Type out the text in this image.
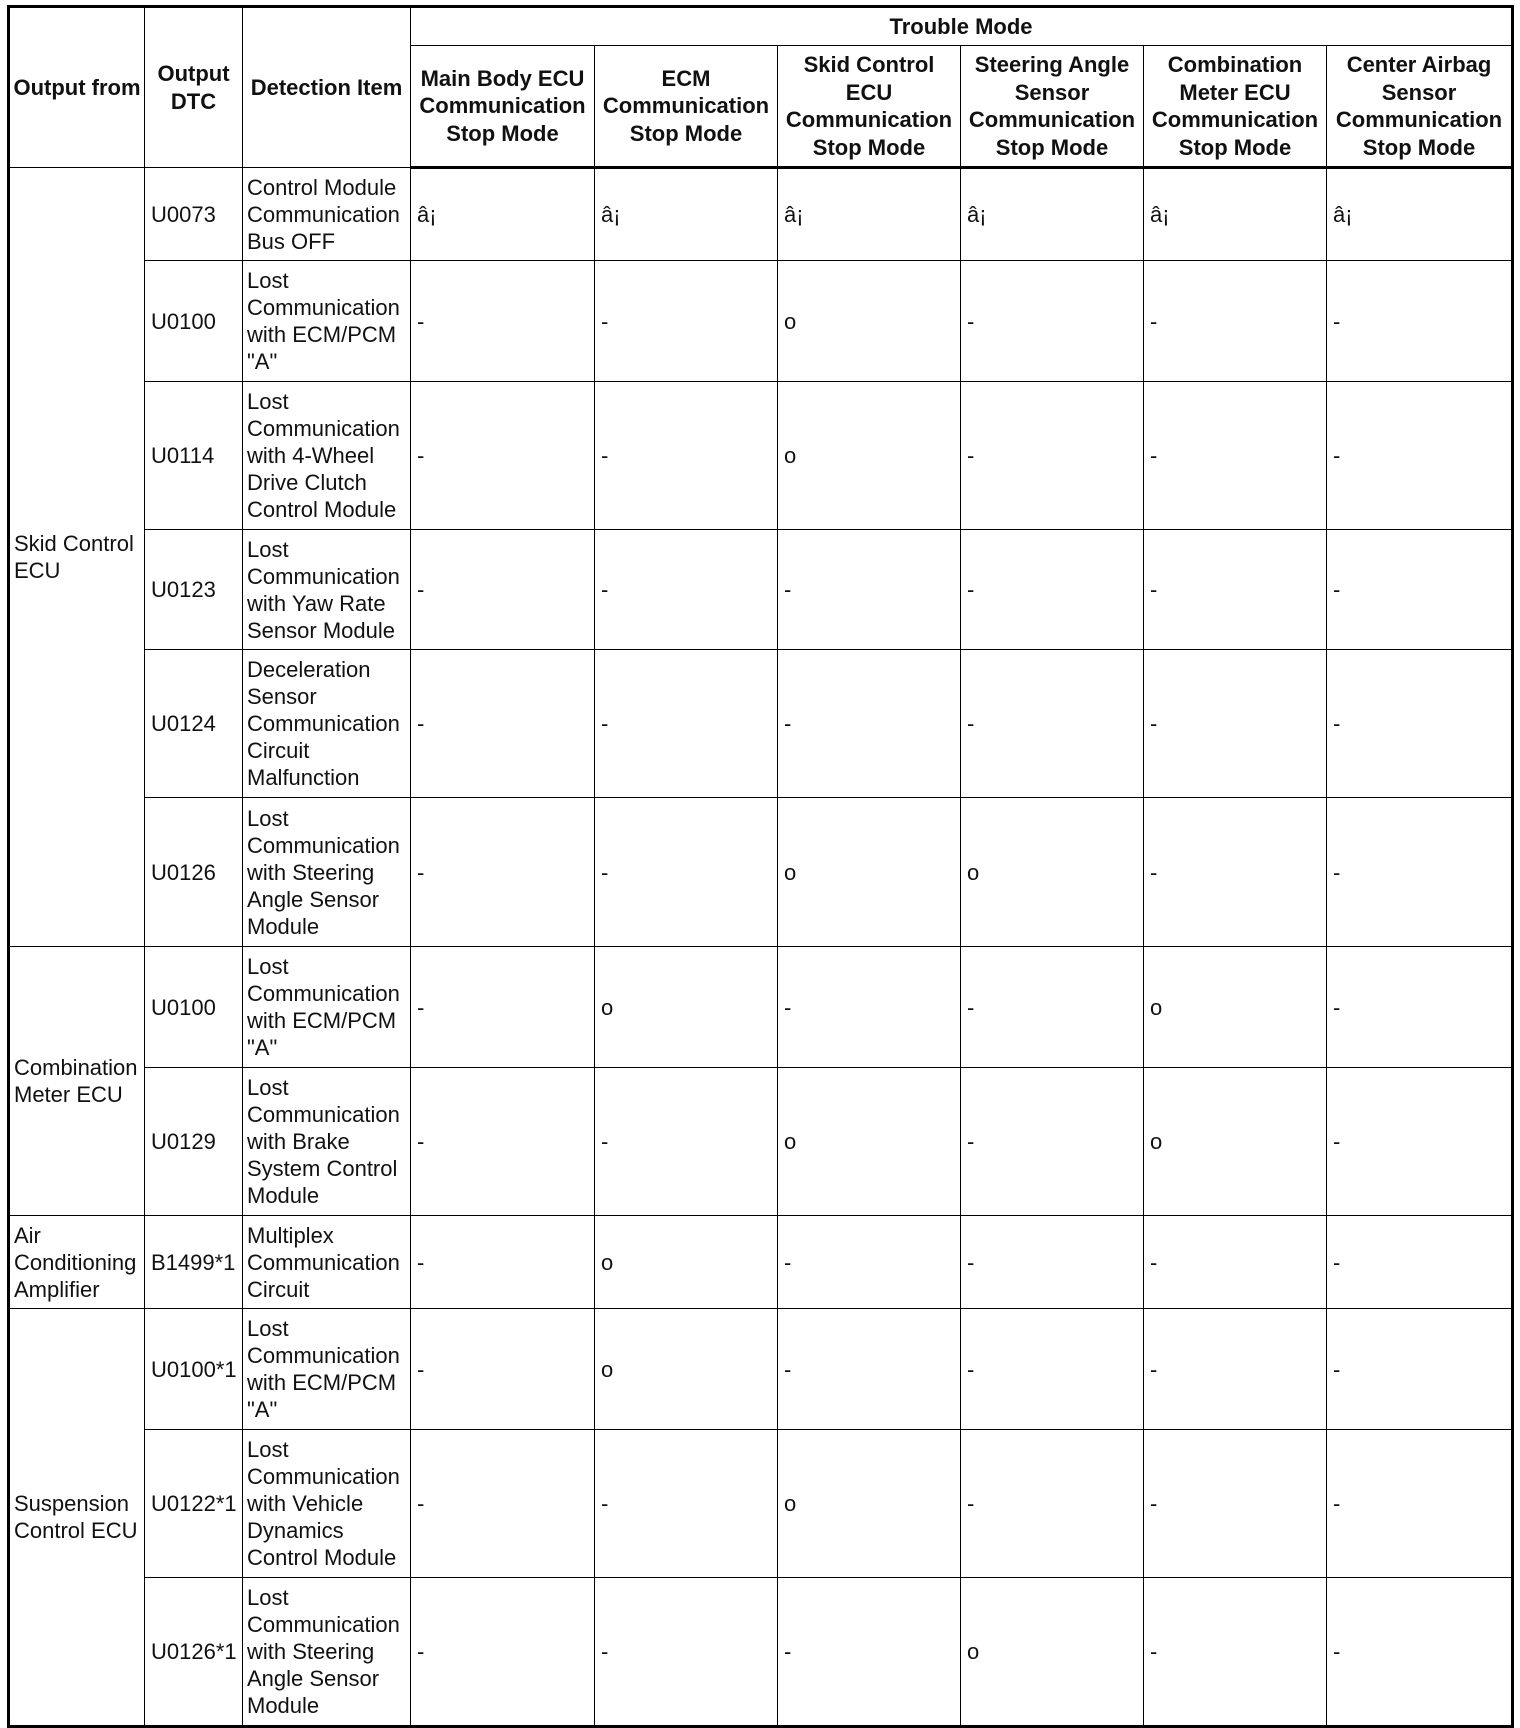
Output from	Output DTC	Detection Item	Trouble Mode					
			Main Body ECU Communication Stop Mode	ECM Communication Stop Mode	Skid Control ECU Communication Stop Mode	Steering Angle Sensor Communication Stop Mode	Combination Meter ECU Communication Stop Mode	Center Airbag Sensor Communication Stop Mode
Skid Control ECU	U0073	Control Module Communication Bus OFF	â¡	â¡	â¡	â¡	â¡	â¡
	U0100	Lost Communication with ECM/PCM "A"	-	-	o	-	-	-
	U0114	Lost Communication with 4-Wheel Drive Clutch Control Module	-	-	o	-	-	-
	U0123	Lost Communication with Yaw Rate Sensor Module	-	-	-	-	-	-
	U0124	Deceleration Sensor Communication Circuit Malfunction	-	-	-	-	-	-
	U0126	Lost Communication with Steering Angle Sensor Module	-	-	o	o	-	-
Combination Meter ECU	U0100	Lost Communication with ECM/PCM "A"	-	o	-	-	o	-
	U0129	Lost Communication with Brake System Control Module	-	-	o	-	o	-
Air Conditioning Amplifier	B1499*1	Multiplex Communication Circuit	-	o	-	-	-	-
Suspension Control ECU	U0100*1	Lost Communication with ECM/PCM "A"	-	o	-	-	-	-
	U0122*1	Lost Communication with Vehicle Dynamics Control Module	-	-	o	-	-	-
	U0126*1	Lost Communication with Steering Angle Sensor Module	-	-	-	o	-	-
